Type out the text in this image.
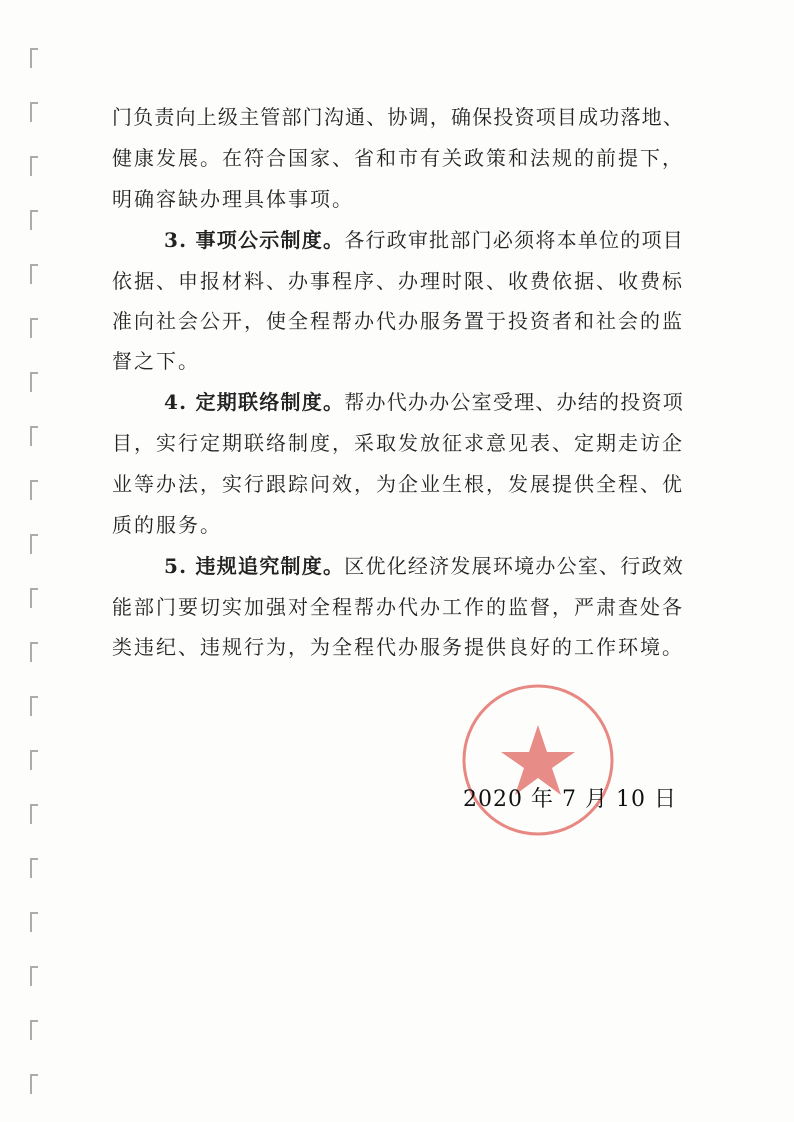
门负责向上级主管部门沟通、协调，确保投资项目成功落地、
健康发展。在符合国家、省和市有关政策和法规的前提下，
明确容缺办理具体事项。
3. 事项公示制度。各行政审批部门必须将本单位的项目
依据、申报材料、办事程序、办理时限、收费依据、收费标
准向社会公开，使全程帮办代办服务置于投资者和社会的监
督之下。
4. 定期联络制度。帮办代办办公室受理、办结的投资项
目，实行定期联络制度，采取发放征求意见表、定期走访企
业等办法，实行跟踪问效，为企业生根，发展提供全程、优
质的服务。
5. 违规追究制度。区优化经济发展环境办公室、行政效
能部门要切实加强对全程帮办代办工作的监督，严肃查处各
类违纪、违规行为，为全程代办服务提供良好的工作环境。
2020 年 7 月 10 日
